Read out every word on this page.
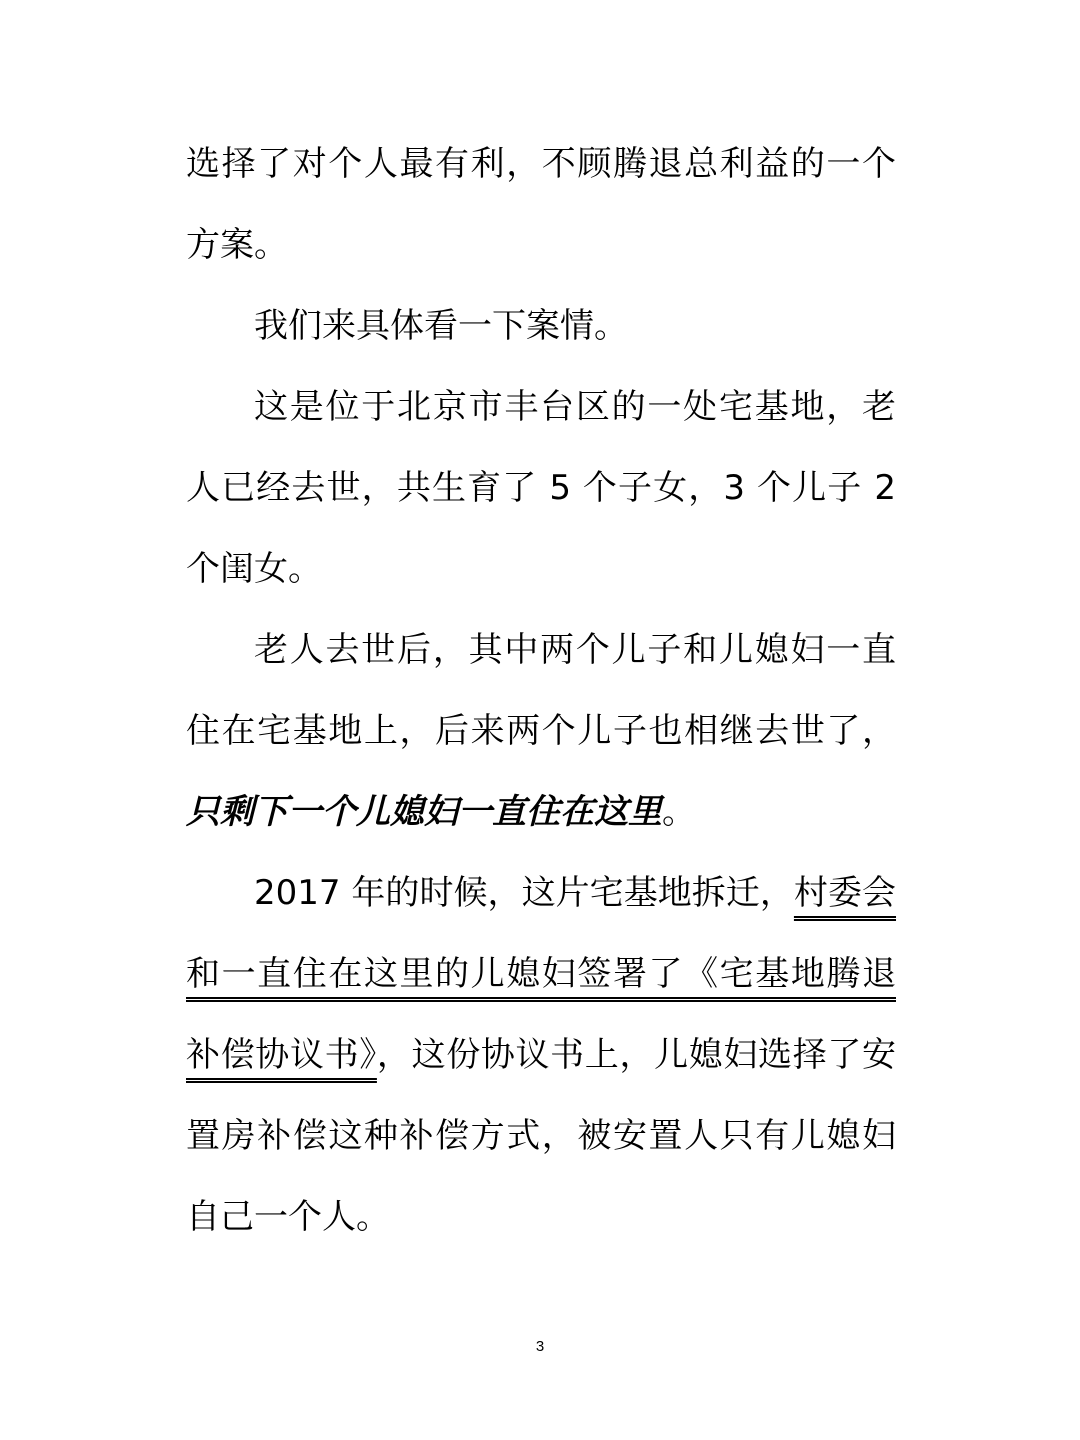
选择了对个人最有利，不顾腾退总利益的一个方案。

我们来具体看一下案情。

这是位于北京市丰台区的一处宅基地，老人已经去世，共生育了 5 个子女，3 个儿子 2 个闺女。

老人去世后，其中两个儿子和儿媳妇一直住在宅基地上，后来两个儿子也相继去世了，只剩下一个儿媳妇一直住在这里。

2017 年的时候，这片宅基地拆迁，村委会和一直住在这里的儿媳妇签署了《宅基地腾退补偿协议书》，这份协议书上，儿媳妇选择了安置房补偿这种补偿方式，被安置人只有儿媳妇自己一个人。

3
